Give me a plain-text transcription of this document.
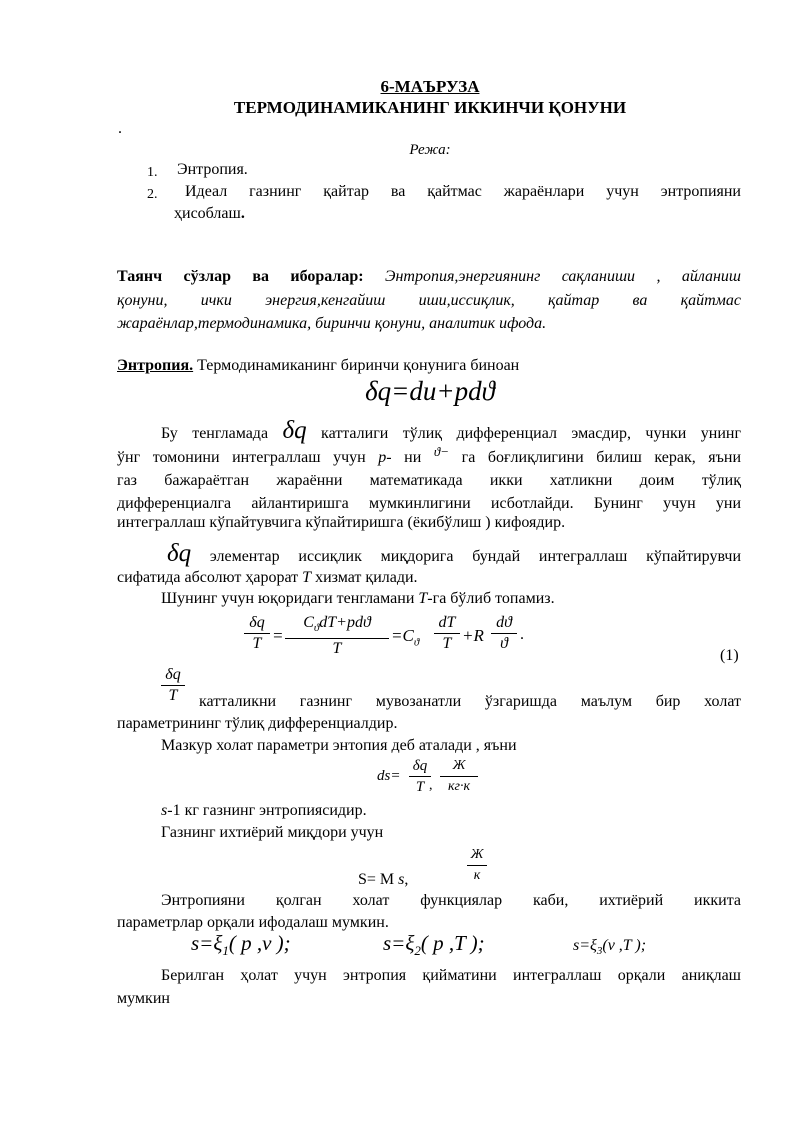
6-МАЪРУЗА
ТЕРМОДИНАМИКАНИНГ ИККИНЧИ ҚОНУНИ
.
Режа:
1. Энтропия.
2. Идеал газнинг қайтар ва қайтмас жараёнлари учун энтропияни
ҳисоблаш.
Таянч сўзлар ва иборалар: Энтропия,энергиянинг сақланиши , айланиш
қонуни, ички энергия,кенгайиш иши,иссиқлик, қайтар ва қайтмас
жараёнлар,термодинамика, биринчи қонуни, аналитик ифода.
Энтропия. Термодинамиканинг биринчи қонунига биноан
δq=du+pdϑ
Бу тенгламада δq катталиги тўлиқ дифференциал эмасдир, чунки унинг
ўнг томонини интеграллаш учун р- ни $^{ϑ-}$ га боғлиқлигини билиш керак, яъни
газ бажараётган жараённи математикада икки хатликни доим тўлиқ
дифференциалга айлантиришга мумкинлигини исботлайди. Бунинг учун уни
интеграллаш кўпайтувчига кўпайтиришга (ёкибўлиш ) кифоядир.
δq элементар иссиқлик миқдорига бундай интеграллаш кўпайтирувчи
сифатида абсолют ҳарорат Т хизмат қилади.
Шунинг учун юқоридаги тенгламани Т-га бўлиб топамиз.
$\frac{\delta q}{T}$ =
$C_ϑdT+pdϑ$
T
$=C_ϑ \frac{dT}{T} +R \frac{dϑ}{ϑ}$ .
(1)
$\frac{\delta q}{T}$ катталикни газнинг мувозанатли ўзгаришда маълум бир холат
параметрининг тўлиқ дифференциалдир.
Мазкур холат параметри энтопия деб аталади , яъни
$ds= \frac{\delta q}{T}$
,
Ж
кг·к
s-1 кг газнинг энтропиясидир.
Газнинг ихтиёрий миқдори учун
S= M s,
Ж
к
Энтропияни қолган холат функциялар каби, ихтиёрий иккита
параметрлар орқали ифодалаш мумкин.
$s=\xi_1$( p ,v );	$s=\xi_2$( p ,T );	$s=\xi_3(v$ ,T );
Берилган ҳолат учун энтропия қийматини интеграллаш орқали аниқлаш
мумкин
